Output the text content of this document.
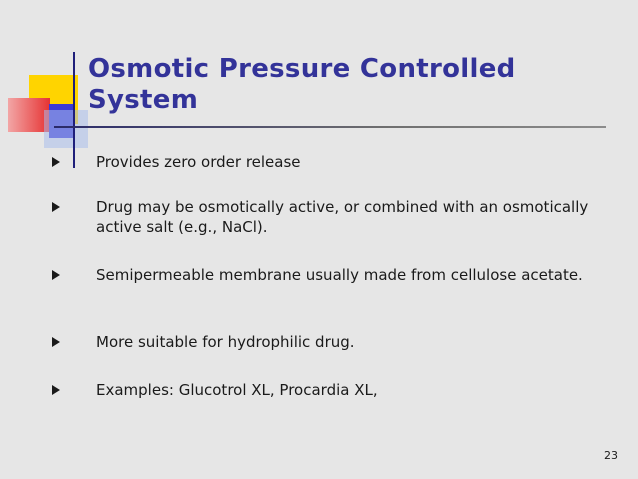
Osmotic Pressure Controlled System
Provides zero order release
Drug may be osmotically active, or combined with an osmotically active salt (e.g., NaCl).
Semipermeable membrane usually made from cellulose acetate.
More suitable for hydrophilic drug.
Examples: Glucotrol XL, Procardia XL,
23
